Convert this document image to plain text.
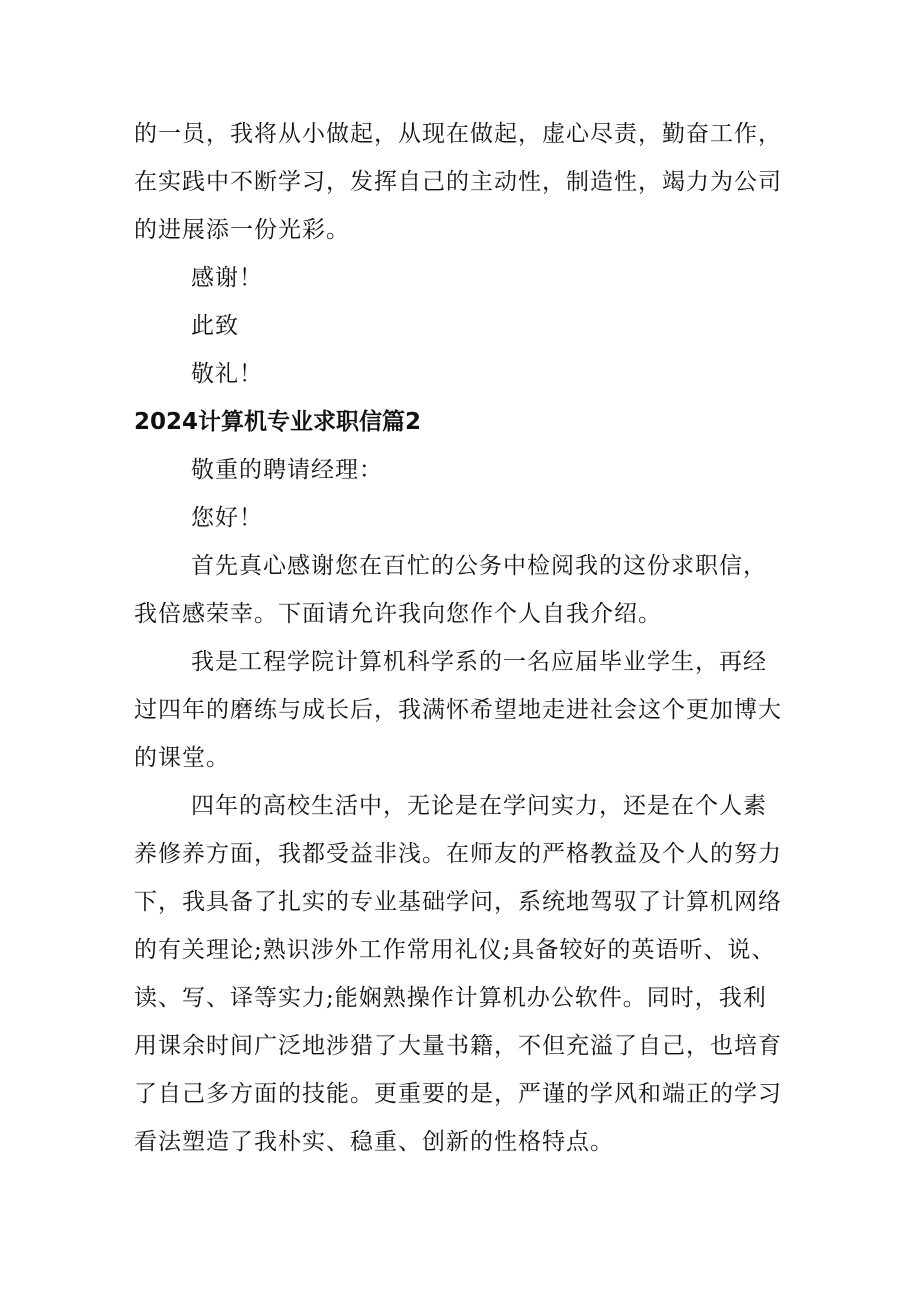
的一员，我将从小做起，从现在做起，虚心尽责，勤奋工作，
在实践中不断学习，发挥自己的主动性，制造性，竭力为公司
的进展添一份光彩。
感谢！
此致
敬礼！
2024计算机专业求职信篇2
敬重的聘请经理：
您好！
首先真心感谢您在百忙的公务中检阅我的这份求职信，
我倍感荣幸。下面请允许我向您作个人自我介绍。
我是工程学院计算机科学系的一名应届毕业学生，再经
过四年的磨练与成长后，我满怀希望地走进社会这个更加博大
的课堂。
四年的高校生活中，无论是在学问实力，还是在个人素
养修养方面，我都受益非浅。在师友的严格教益及个人的努力
下，我具备了扎实的专业基础学问，系统地驾驭了计算机网络
的有关理论;熟识涉外工作常用礼仪;具备较好的英语听、说、
读、写、译等实力;能娴熟操作计算机办公软件。同时，我利
用课余时间广泛地涉猎了大量书籍，不但充溢了自己，也培育
了自己多方面的技能。更重要的是，严谨的学风和端正的学习
看法塑造了我朴实、稳重、创新的性格特点。
